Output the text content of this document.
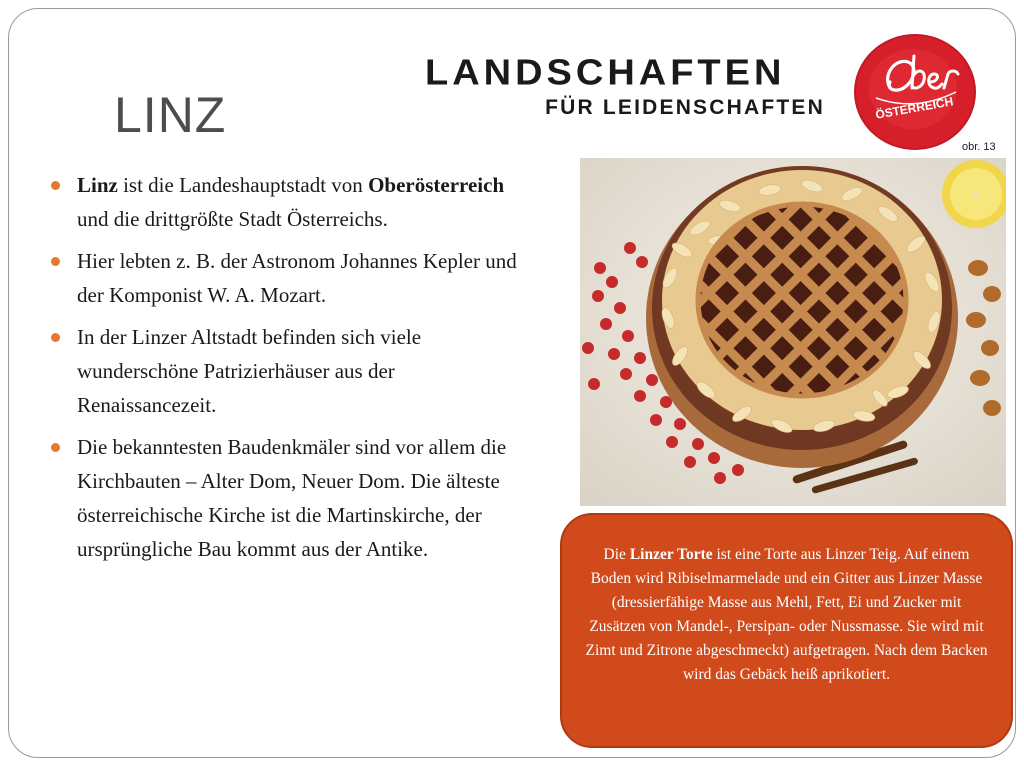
LINZ
LANDSCHAFTEN
FÜR LEIDENSCHAFTEN	ÖSTERREICH
obr. 13
Linz ist die Landeshauptstadt von Oberösterreich und die drittgrößte Stadt Österreichs.
Hier lebten z. B. der Astronom Johannes Kepler und der Komponist W. A. Mozart.
In der Linzer Altstadt befinden sich viele wunderschöne Patrizierhäuser aus der Renaissancezeit.
Die bekanntesten Baudenkmäler sind vor allem die Kirchbauten – Alter Dom, Neuer Dom. Die älteste österreichische Kirche ist die Martinskirche, der ursprüngliche Bau kommt aus der Antike.	Die Linzer Torte ist eine Torte aus Linzer Teig. Auf einem Boden wird Ribiselmarmelade und ein Gitter aus Linzer Masse (dressierfähige Masse aus Mehl, Fett, Ei und Zucker mit Zusätzen von Mandel-, Persipan- oder Nussmasse. Sie wird mit Zimt und Zitrone abgeschmeckt) aufgetragen. Nach dem Backen wird das Gebäck heiß aprikotiert.
